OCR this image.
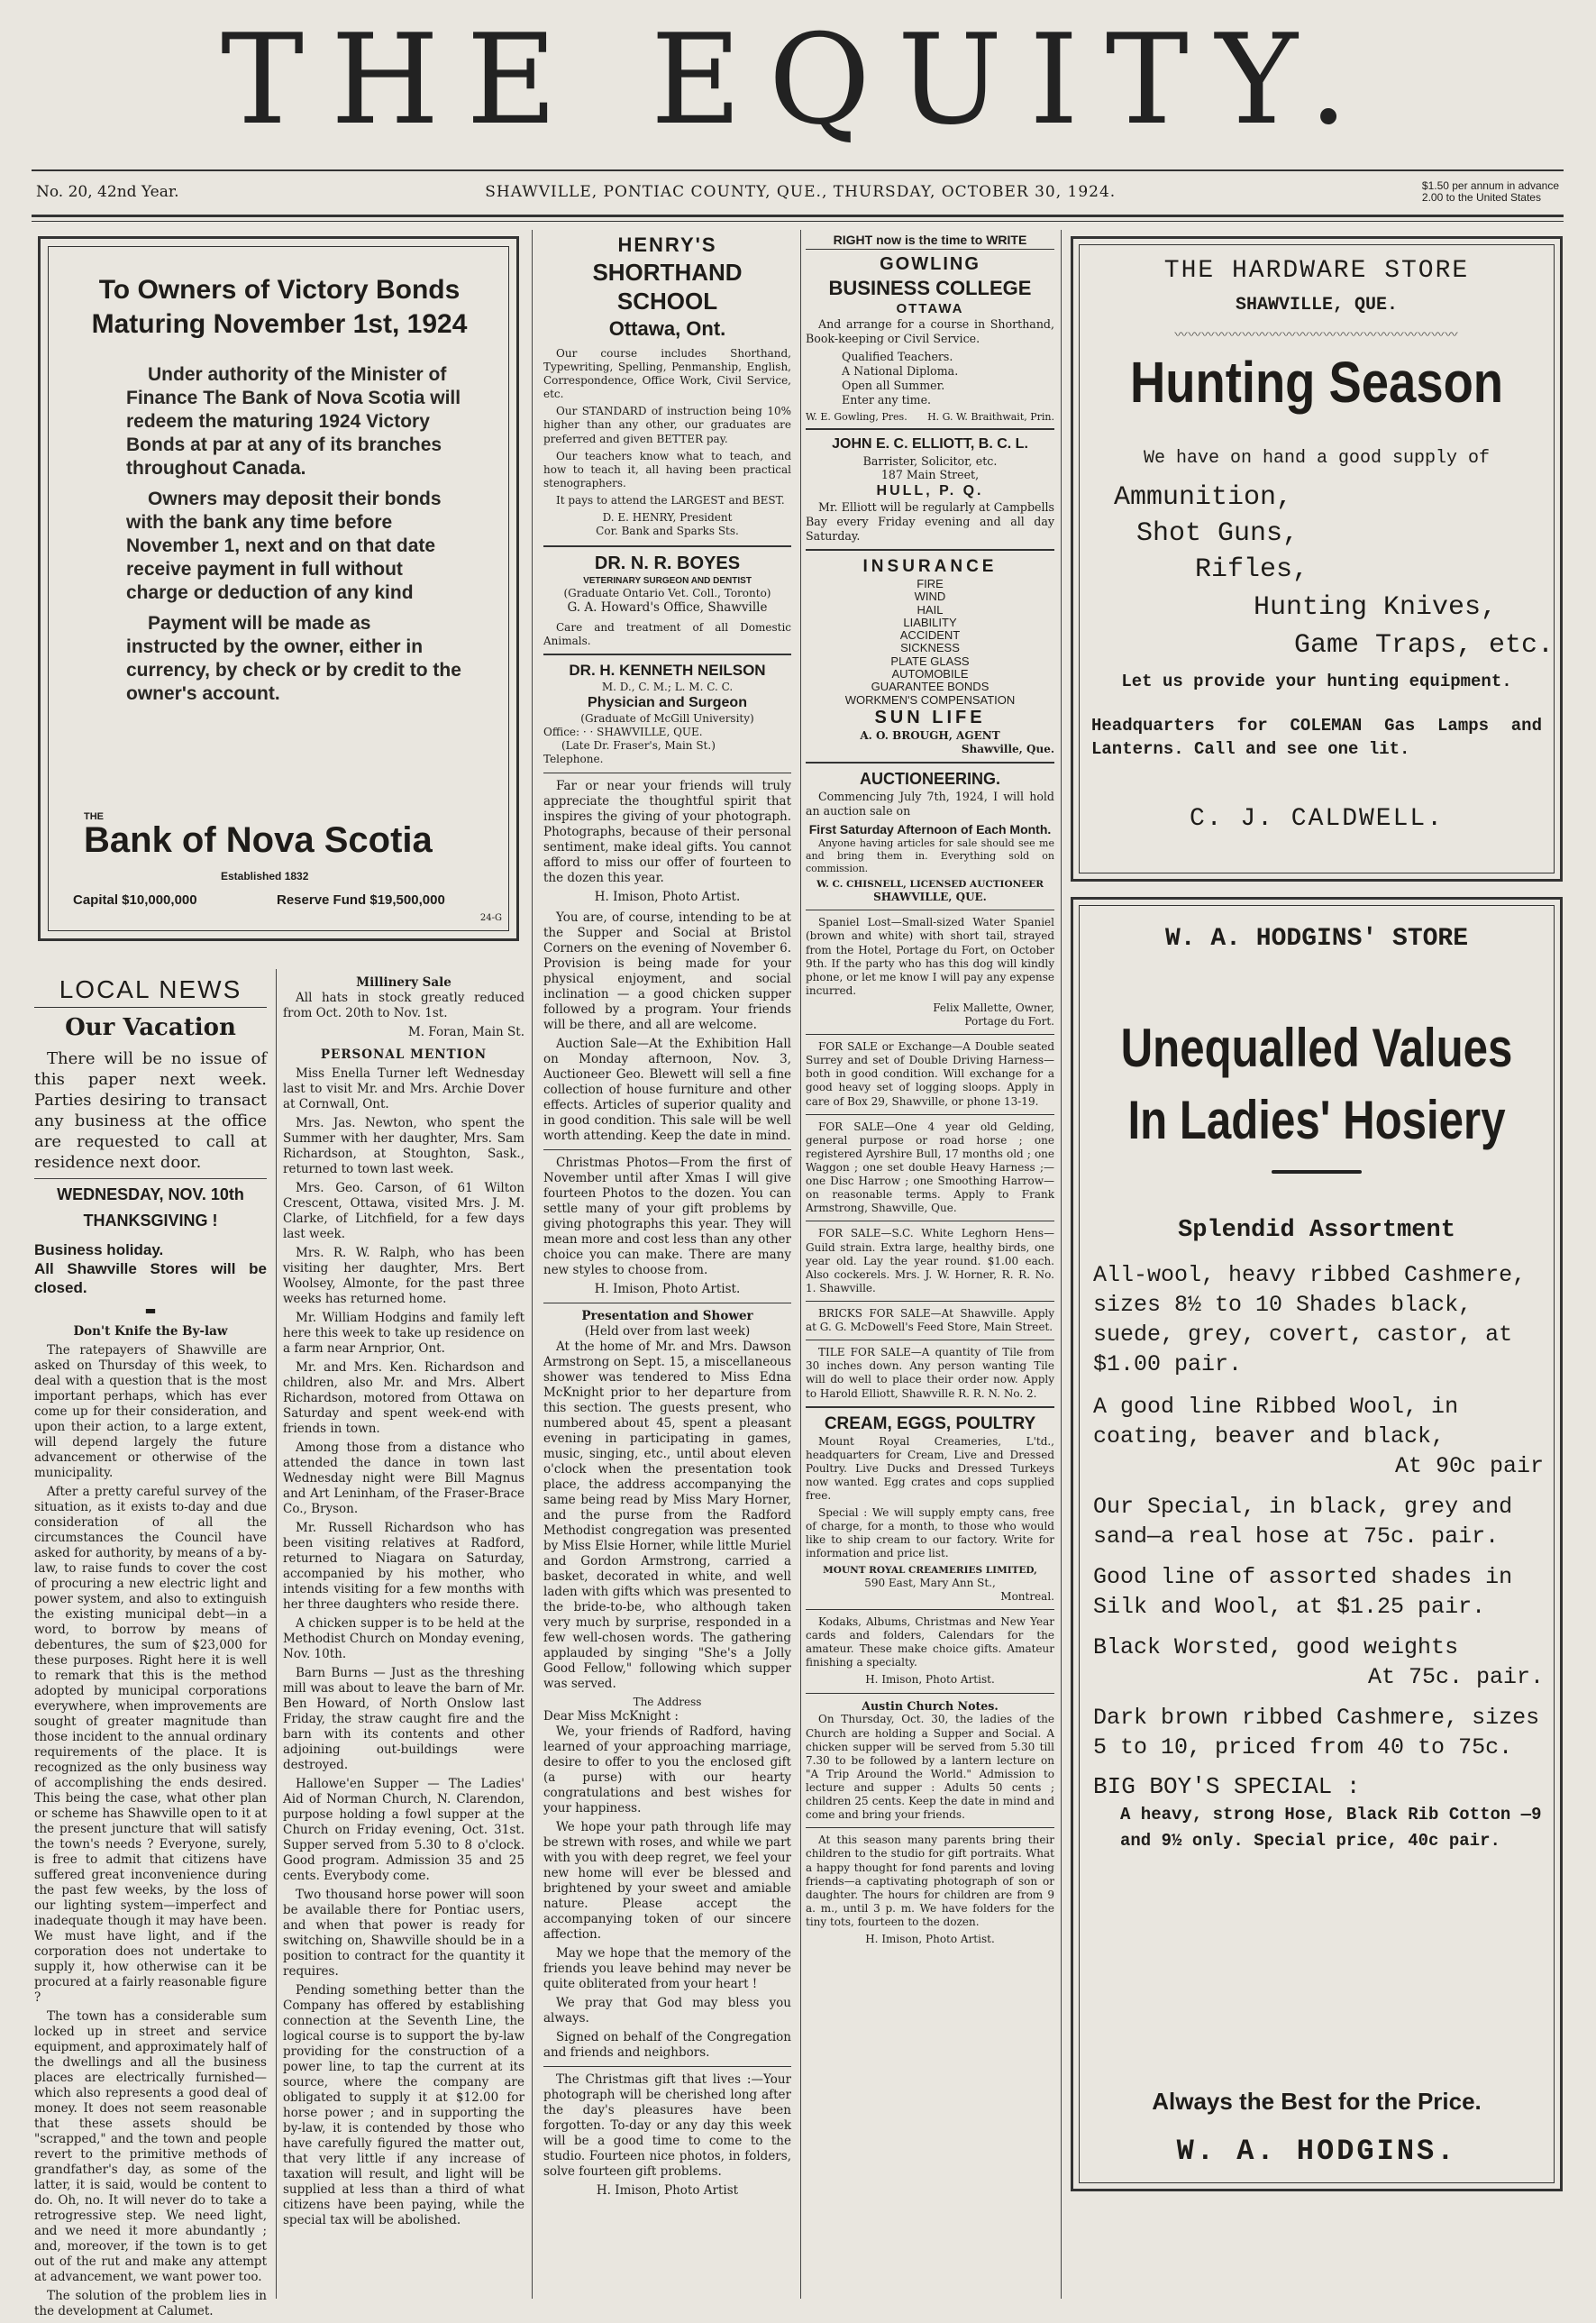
THE EQUITY.
No. 20, 42nd Year.	SHAWVILLE, PONTIAC COUNTY, QUE., THURSDAY, OCTOBER 30, 1924.	$1.50 per annum in advance
2.00 to the United States
To Owners of Victory Bonds
Maturing November 1st, 1924

Under authority of the Minister of Finance The Bank of Nova Scotia will redeem the maturing 1924 Victory Bonds at par at any of its branches throughout Canada.

Owners may deposit their bonds with the bank any time before November 1, next and on that date receive payment in full without charge or deduction of any kind

Payment will be made as instructed by the owner, either in currency, by check or by credit to the owner's account.

THE
Bank of Nova Scotia
Established 1832
Capital $10,000,000	Reserve Fund $19,500,000
24-G
LOCAL NEWS
Our Vacation

There will be no issue of this paper next week. Parties desiring to transact any business at the office are requested to call at residence next door.

WEDNESDAY, NOV. 10th
THANKSGIVING !
Business holiday.
All Shawville Stores will be closed.
▬
Don't Knife the By-law

The ratepayers of Shawville are asked on Thursday of this week, to deal with a question that is the most important perhaps, which has ever come up for their consideration, and upon their action, to a large extent, will depend largely the future advancement or otherwise of the municipality.

After a pretty careful survey of the situation, as it exists to-day and due consideration of all the circumstances the Council have asked for authority, by means of a by-law, to raise funds to cover the cost of procuring a new electric light and power system, and also to extinguish the existing municipal debt—in a word, to borrow by means of debentures, the sum of $23,000 for these purposes. Right here it is well to remark that this is the method adopted by municipal corporations everywhere, when improvements are sought of greater magnitude than those incident to the annual ordinary requirements of the place. It is recognized as the only business way of accomplishing the ends desired. This being the case, what other plan or scheme has Shawville open to it at the present juncture that will satisfy the town's needs ? Everyone, surely, is free to admit that citizens have suffered great inconvenience during the past few weeks, by the loss of our lighting system—imperfect and inadequate though it may have been. We must have light, and if the corporation does not undertake to supply it, how otherwise can it be procured at a fairly reasonable figure ?

The town has a considerable sum locked up in street and service equipment, and approximately half of the dwellings and all the business places are electrically furnished—which also represents a good deal of money. It does not seem reasonable that these assets should be "scrapped," and the town and people revert to the primitive methods of grandfather's day, as some of the latter, it is said, would be content to do. Oh, no. It will never do to take a retrogressive step. We need light, and we need it more abundantly ; and, moreover, if the town is to get out of the rut and make any attempt at advancement, we want power too.

The solution of the problem lies in the development at Calumet.

Millinery Sale

All hats in stock greatly reduced from Oct. 20th to Nov. 1st.

M. Foran, Main St.
PERSONAL MENTION

Miss Enella Turner left Wednesday last to visit Mr. and Mrs. Archie Dover at Cornwall, Ont.

Mrs. Jas. Newton, who spent the Summer with her daughter, Mrs. Sam Richardson, at Stoughton, Sask., returned to town last week.

Mrs. Geo. Carson, of 61 Wilton Crescent, Ottawa, visited Mrs. J. M. Clarke, of Litchfield, for a few days last week.

Mrs. R. W. Ralph, who has been visiting her daughter, Mrs. Bert Woolsey, Almonte, for the past three weeks has returned home.

Mr. William Hodgins and family left here this week to take up residence on a farm near Arnprior, Ont.

Mr. and Mrs. Ken. Richardson and children, also Mr. and Mrs. Albert Richardson, motored from Ottawa on Saturday and spent week-end with friends in town.

Among those from a distance who attended the dance in town last Wednesday night were Bill Magnus and Art Leninham, of the Fraser-Brace Co., Bryson.

Mr. Russell Richardson who has been visiting relatives at Radford, returned to Niagara on Saturday, accompanied by his mother, who intends visiting for a few months with her three daughters who reside there.

A chicken supper is to be held at the Methodist Church on Monday evening, Nov. 10th.

Barn Burns — Just as the threshing mill was about to leave the barn of Mr. Ben Howard, of North Onslow last Friday, the straw caught fire and the barn with its contents and other adjoining out-buildings were destroyed.

Hallowe'en Supper — The Ladies' Aid of Norman Church, N. Clarendon, purpose holding a fowl supper at the Church on Friday evening, Oct. 31st. Supper served from 5.30 to 8 o'clock. Good program. Admission 35 and 25 cents. Everybody come.

Two thousand horse power will soon be available there for Pontiac users, and when that power is ready for switching on, Shawville should be in a position to contract for the quantity it requires.

Pending something better than the Company has offered by establishing connection at the Seventh Line, the logical course is to support the by-law providing for the construction of a power line, to tap the current at its source, where the company are obligated to supply it at $12.00 for horse power ; and in supporting the by-law, it is contended by those who have carefully figured the matter out, that very little if any increase of taxation will result, and light will be supplied at less than a third of what citizens have been paying, while the special tax will be abolished.

HENRY'S
SHORTHAND SCHOOL
Ottawa, Ont.

Our course includes Shorthand, Typewriting, Spelling, Penmanship, English, Correspondence, Office Work, Civil Service, etc.

Our STANDARD of instruction being 10% higher than any other, our graduates are preferred and given BETTER pay.

Our teachers know what to teach, and how to teach it, all having been practical stenographers.

It pays to attend the LARGEST and BEST.

D. E. HENRY, President
Cor. Bank and Sparks Sts.
DR. N. R. BOYES
VETERINARY SURGEON AND DENTIST
(Graduate Ontario Vet. Coll., Toronto)
G. A. Howard's Office, Shawville

Care and treatment of all Domestic Animals.

DR. H. KENNETH NEILSON
M. D., C. M.; L. M. C. C.
Physician and Surgeon
(Graduate of McGill University)
Office: · · SHAWVILLE, QUE.
(Late Dr. Fraser's, Main St.)
Telephone.

Far or near your friends will truly appreciate the thoughtful spirit that inspires the giving of your photograph. Photographs, because of their personal sentiment, make ideal gifts. You cannot afford to miss our offer of fourteen to the dozen this year.

H. Imison, Photo Artist.

You are, of course, intending to be at the Supper and Social at Bristol Corners on the evening of November 6. Provision is being made for your physical enjoyment, and social inclination — a good chicken supper followed by a program. Your friends will be there, and all are welcome.

Auction Sale—At the Exhibition Hall on Monday afternoon, Nov. 3, Auctioneer Geo. Blewett will sell a fine collection of house furniture and other effects. Articles of superior quality and in good condition. This sale will be well worth attending. Keep the date in mind.

Christmas Photos—From the first of November until after Xmas I will give fourteen Photos to the dozen. You can settle many of your gift problems by giving photographs this year. They will mean more and cost less than any other choice you can make. There are many new styles to choose from.

H. Imison, Photo Artist.
Presentation and Shower
(Held over from last week)

At the home of Mr. and Mrs. Dawson Armstrong on Sept. 15, a miscellaneous shower was tendered to Miss Edna McKnight prior to her departure from this section. The guests present, who numbered about 45, spent a pleasant evening in participating in games, music, singing, etc., until about eleven o'clock when the presentation took place, the address accompanying the same being read by Miss Mary Horner, and the purse from the Radford Methodist congregation was presented by Miss Elsie Horner, while little Muriel and Gordon Armstrong, carried a basket, decorated in white, and well laden with gifts which was presented to the bride-to-be, who although taken very much by surprise, responded in a few well-chosen words. The gathering applauded by singing "She's a Jolly Good Fellow," following which supper was served.

The Address
Dear Miss McKnight :

We, your friends of Radford, having learned of your approaching marriage, desire to offer to you the enclosed gift (a purse) with our hearty congratulations and best wishes for your happiness.

We hope your path through life may be strewn with roses, and while we part with you with deep regret, we feel your new home will ever be blessed and brightened by your sweet and amiable nature. Please accept the accompanying token of our sincere affection.

May we hope that the memory of the friends you leave behind may never be quite obliterated from your heart !

We pray that God may bless you always.

Signed on behalf of the Congregation and friends and neighbors.

The Christmas gift that lives :—Your photograph will be cherished long after the day's pleasures have been forgotten. To-day or any day this week will be a good time to come to the studio. Fourteen nice photos, in folders, solve fourteen gift problems.

H. Imison, Photo Artist
RIGHT now is the time to WRITE
GOWLING
BUSINESS COLLEGE
OTTAWA

And arrange for a course in Shorthand, Book-keeping or Civil Service.

Qualified Teachers.
A National Diploma.
Open all Summer.
Enter any time.
W. E. Gowling, Pres. H. G. W. Braithwait, Prin.
JOHN E. C. ELLIOTT, B. C. L.
Barrister, Solicitor, etc.
187 Main Street,
HULL, P. Q.

Mr. Elliott will be regularly at Campbells Bay every Friday evening and all day Saturday.

INSURANCE
FIRE
WIND
HAIL
LIABILITY
ACCIDENT
SICKNESS
PLATE GLASS
AUTOMOBILE
GUARANTEE BONDS
WORKMEN'S COMPENSATION
SUN LIFE
A. O. BROUGH, AGENT
Shawville, Que.
AUCTIONEERING.

Commencing July 7th, 1924, I will hold an auction sale on

First Saturday Afternoon of Each Month.

Anyone having articles for sale should see me and bring them in. Everything sold on commission.

W. C. CHISNELL, LICENSED AUCTIONEER
SHAWVILLE, QUE.

Spaniel Lost—Small-sized Water Spaniel (brown and white) with short tail, strayed from the Hotel, Portage du Fort, on October 9th. If the party who has this dog will kindly phone, or let me know I will pay any expense incurred.

Felix Mallette, Owner,
Portage du Fort.

FOR SALE or Exchange—A Double seated Surrey and set of Double Driving Harness—both in good condition. Will exchange for a good heavy set of logging sloops. Apply in care of Box 29, Shawville, or phone 13-19.

FOR SALE—One 4 year old Gelding, general purpose or road horse ; one registered Ayrshire Bull, 17 months old ; one Waggon ; one set double Heavy Harness ;—one Disc Harrow ; one Smoothing Harrow—on reasonable terms. Apply to Frank Armstrong, Shawville, Que.

FOR SALE—S.C. White Leghorn Hens—Guild strain. Extra large, healthy birds, one year old. Lay the year round. $1.00 each. Also cockerels. Mrs. J. W. Horner, R. R. No. 1. Shawville.

BRICKS FOR SALE—At Shawville. Apply at G. G. McDowell's Feed Store, Main Street.

TILE FOR SALE—A quantity of Tile from 30 inches down. Any person wanting Tile will do well to place their order now. Apply to Harold Elliott, Shawville R. R. N. No. 2.

CREAM, EGGS, POULTRY

Mount Royal Creameries, L'td., headquarters for Cream, Live and Dressed Poultry. Live Ducks and Dressed Turkeys now wanted. Egg crates and cops supplied free.

Special : We will supply empty cans, free of charge, for a month, to those who would like to ship cream to our factory. Write for information and price list.

MOUNT ROYAL CREAMERIES LIMITED,
590 East, Mary Ann St.,
Montreal.

Kodaks, Albums, Christmas and New Year cards and folders, Calendars for the amateur. These make choice gifts. Amateur finishing a specialty.

H. Imison, Photo Artist.
Austin Church Notes.

On Thursday, Oct. 30, the ladies of the Church are holding a Supper and Social. A chicken supper will be served from 5.30 till 7.30 to be followed by a lantern lecture on "A Trip Around the World." Admission to lecture and supper : Adults 50 cents ; children 25 cents. Keep the date in mind and come and bring your friends.

At this season many parents bring their children to the studio for gift portraits. What a happy thought for fond parents and loving friends—a captivating photograph of son or daughter. The hours for children are from 9 a. m., until 3 p. m. We have folders for the tiny tots, fourteen to the dozen.

H. Imison, Photo Artist.
THE HARDWARE STORE
SHAWVILLE, QUE.
〰〰〰〰〰〰〰〰〰〰〰〰〰〰〰〰〰〰〰〰〰
Hunting Season
We have on hand a good supply of
Ammunition,
Shot Guns,
Rifles,
Hunting Knives,
Game Traps, etc.
Let us provide your hunting equipment.
Headquarters for COLEMAN Gas Lamps and Lanterns. Call and see one lit.
C. J. CALDWELL.
W. A. HODGINS' STORE
Unequalled Values
In Ladies' Hosiery
Splendid Assortment
All-wool, heavy ribbed Cashmere, sizes 8½ to 10 Shades black, suede, grey, covert, castor, at $1.00 pair.
A good line Ribbed Wool, in coating, beaver and black,
At 90c pair
Our Special, in black, grey and sand—a real hose at 75c. pair.
Good line of assorted shades in Silk and Wool, at $1.25 pair.
Black Worsted, good weights
At 75c. pair.
Dark brown ribbed Cashmere, sizes 5 to 10, priced from 40 to 75c.
BIG BOY'S SPECIAL :
A heavy, strong Hose, Black Rib Cotton —9 and 9½ only. Special price, 40c pair.
Always the Best for the Price.
W. A. HODGINS.
